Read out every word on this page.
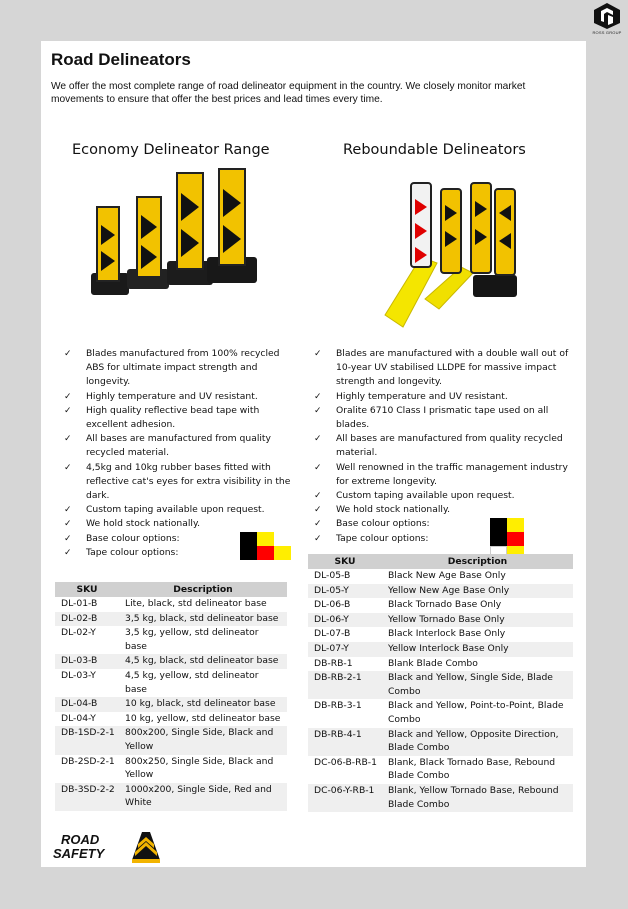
ROSS GROUP
Road Delineators
We offer the most complete range of road delineator equipment in the country. We closely monitor market movements to ensure that offer the best prices and lead times every time.
Economy Delineator Range	Reboundable Delineators
✓ Blades manufactured from 100% recycled ABS for ultimate impact strength and longevity.
✓ Highly temperature and UV resistant.
✓ High quality reflective bead tape with excellent adhesion.
✓ All bases are manufactured from quality recycled material.
✓ 4,5kg and 10kg rubber bases fitted with reflective cat's eyes for extra visibility in the dark.
✓ Custom taping available upon request.
✓ We hold stock nationally.
✓ Base colour options:
✓ Tape colour options:
✓ Blades are manufactured with a double wall out of 10-year UV stabilised LLDPE for massive impact strength and longevity.
✓ Highly temperature and UV resistant.
✓ Oralite 6710 Class I prismatic tape used on all blades.
✓ All bases are manufactured from quality recycled material.
✓ Well renowned in the traffic management industry for extreme longevity.
✓ Custom taping available upon request.
✓ We hold stock nationally.
✓ Base colour options:
✓ Tape colour options:
SKU	Description
DL-01-B	Lite, black, std delineator base
DL-02-B	3,5 kg, black, std delineator base
DL-02-Y	3,5 kg, yellow, std delineator base
DL-03-B	4,5 kg, black, std delineator base
DL-03-Y	4,5 kg, yellow, std delineator base
DL-04-B	10 kg, black, std delineator base
DL-04-Y	10 kg, yellow, std delineator base
DB-1SD-2-1	800x200, Single Side, Black and Yellow
DB-2SD-2-1	800x250, Single Side, Black and Yellow
DB-3SD-2-2	1000x200, Single Side, Red and White
SKU	Description
DL-05-B	Black New Age Base Only
DL-05-Y	Yellow New Age Base Only
DL-06-B	Black Tornado Base Only
DL-06-Y	Yellow Tornado Base Only
DL-07-B	Black Interlock Base Only
DL-07-Y	Yellow Interlock Base Only
DB-RB-1	Blank Blade Combo
DB-RB-2-1	Black and Yellow, Single Side, Blade Combo
DB-RB-3-1	Black and Yellow, Point-to-Point, Blade Combo
DB-RB-4-1	Black and Yellow, Opposite Direction, Blade Combo
DC-06-B-RB-1	Blank, Black Tornado Base, Rebound Blade Combo
DC-06-Y-RB-1	Blank, Yellow Tornado Base, Rebound Blade Combo
ROAD
SAFETY
